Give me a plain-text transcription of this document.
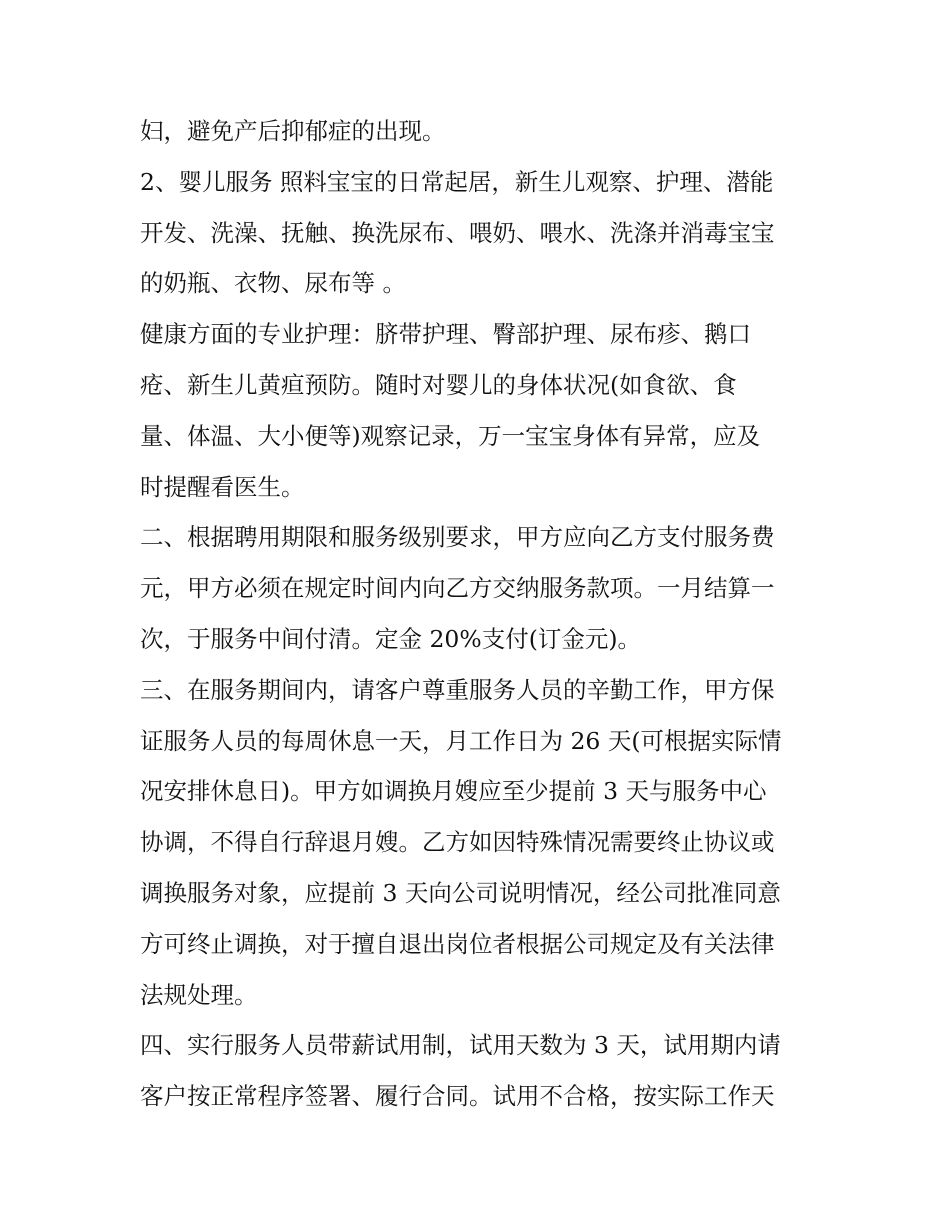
妇，避免产后抑郁症的出现。
2、婴儿服务 照料宝宝的日常起居，新生儿观察、护理、潜能
开发、洗澡、抚触、换洗尿布、喂奶、喂水、洗涤并消毒宝宝
的奶瓶、衣物、尿布等 。
健康方面的专业护理：脐带护理、臀部护理、尿布疹、鹅口
疮、新生儿黄疸预防。随时对婴儿的身体状况(如食欲、食
量、体温、大小便等)观察记录，万一宝宝身体有异常，应及
时提醒看医生。
二、根据聘用期限和服务级别要求，甲方应向乙方支付服务费
元，甲方必须在规定时间内向乙方交纳服务款项。一月结算一
次，于服务中间付清。定金 20%支付(订金元)。
三、在服务期间内，请客户尊重服务人员的辛勤工作，甲方保
证服务人员的每周休息一天，月工作日为 26 天(可根据实际情
况安排休息日)。甲方如调换月嫂应至少提前 3 天与服务中心
协调，不得自行辞退月嫂。乙方如因特殊情况需要终止协议或
调换服务对象，应提前 3 天向公司说明情况，经公司批准同意
方可终止调换，对于擅自退出岗位者根据公司规定及有关法律
法规处理。
四、实行服务人员带薪试用制，试用天数为 3 天，试用期内请
客户按正常程序签署、履行合同。试用不合格，按实际工作天
